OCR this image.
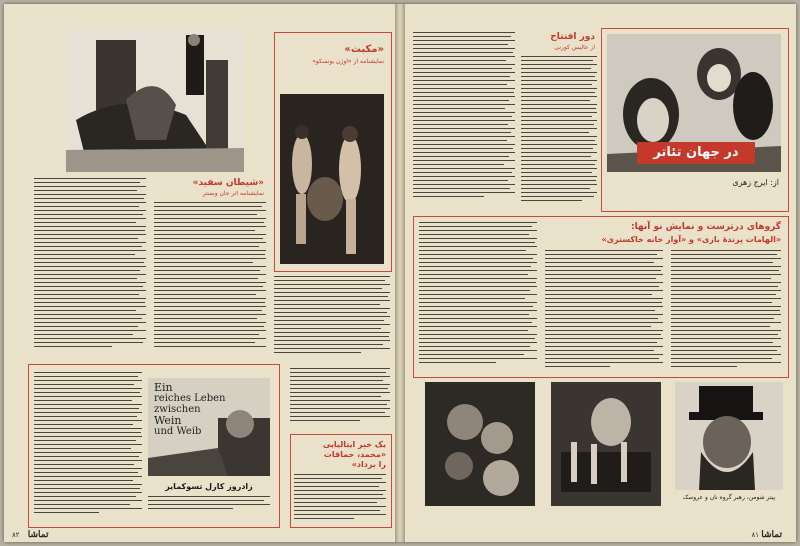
«مکبث»
نمایشنامه از «اوژن یونسکو»
«شیطان سفید»
نمایشنامه اثر جان وبستر
Ein
reiches Leben
zwischen
Wein
und Weib
زادروز کارل تسوکمایر
یک خبر ایتالیایی
«محمد، حماقات
را برداد»
۸۲ تماشا
در جهان تئاتر
از: ایرج زهری
دور افتتاح
از عالیس کورنی
گروهای درترست و نمایش نو آنها:
«الهامات پرندهٔ بازی» و «آواز خانه خاکستری»
پیتر شومن، رهبر گروه نان و عروسک
تماشا ۸۱
